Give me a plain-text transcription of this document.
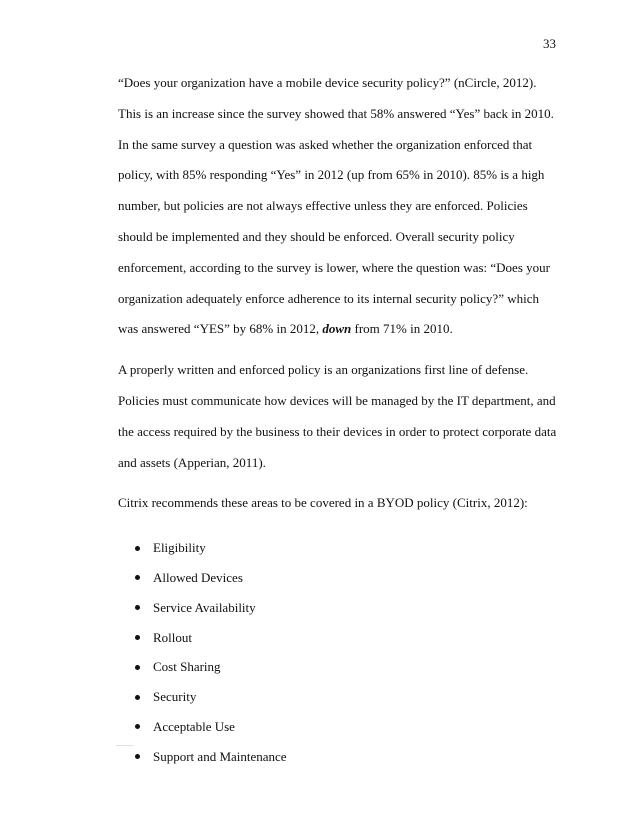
33

“Does your organization have a mobile device security policy?” (nCircle, 2012). This is an increase since the survey showed that 58% answered “Yes” back in 2010. In the same survey a question was asked whether the organization enforced that policy, with 85% responding “Yes” in 2012 (up from 65% in 2010). 85% is a high number, but policies are not always effective unless they are enforced. Policies should be implemented and they should be enforced. Overall security policy enforcement, according to the survey is lower, where the question was: “Does your organization adequately enforce adherence to its internal security policy?” which was answered “YES” by 68% in 2012, down from 71% in 2010.

A properly written and enforced policy is an organizations first line of defense. Policies must communicate how devices will be managed by the IT department, and the access required by the business to their devices in order to protect corporate data and assets (Apperian, 2011).

Citrix recommends these areas to be covered in a BYOD policy (Citrix, 2012):

Eligibility
Allowed Devices
Service Availability
Rollout
Cost Sharing
Security
Acceptable Use
Support and Maintenance
